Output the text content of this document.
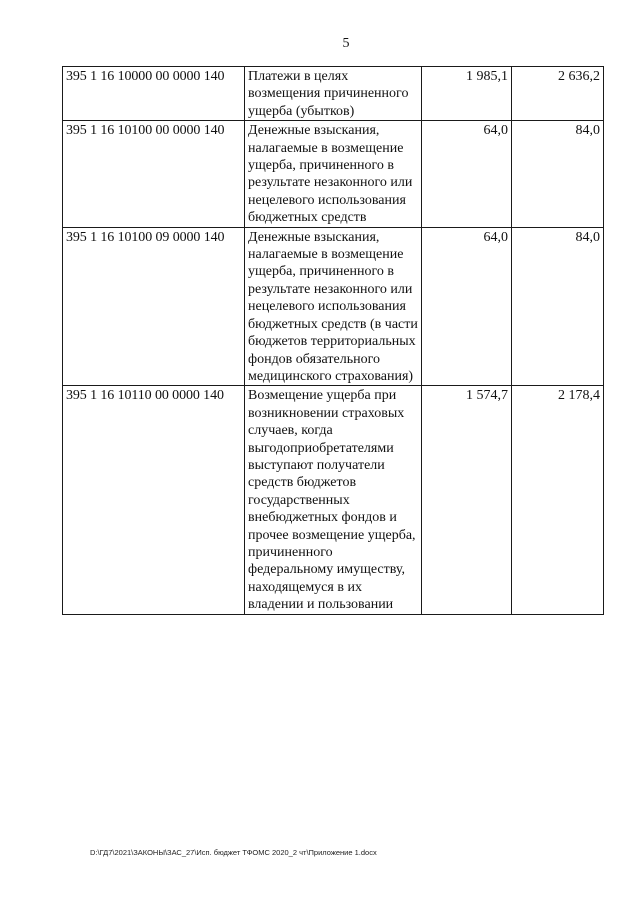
5
395 1 16 10000 00 0000 140	Платежи в целях возмещения причиненного ущерба (убытков)	1 985,1	2 636,2
395 1 16 10100 00 0000 140	Денежные взыскания, налагаемые в возмещение ущерба, причиненного в результате незаконного или нецелевого использования бюджетных средств	64,0	84,0
395 1 16 10100 09 0000 140	Денежные взыскания, налагаемые в возмещение ущерба, причиненного в результате незаконного или нецелевого использования бюджетных средств (в части бюджетов территориальных фондов обязательного медицинского страхования)	64,0	84,0
395 1 16 10110 00 0000 140	Возмещение ущерба при возникновении страховых случаев, когда выгодоприобретателями выступают получатели средств бюджетов государственных внебюджетных фондов и прочее возмещение ущерба, причиненного федеральному имуществу, находящемуся в их владении и пользовании	1 574,7	2 178,4
D:\ГД7\2021\ЗАКОНЫ\ЗАС_27\Исп. бюджет ТФОМС 2020_2 чт\Приложение 1.docx
